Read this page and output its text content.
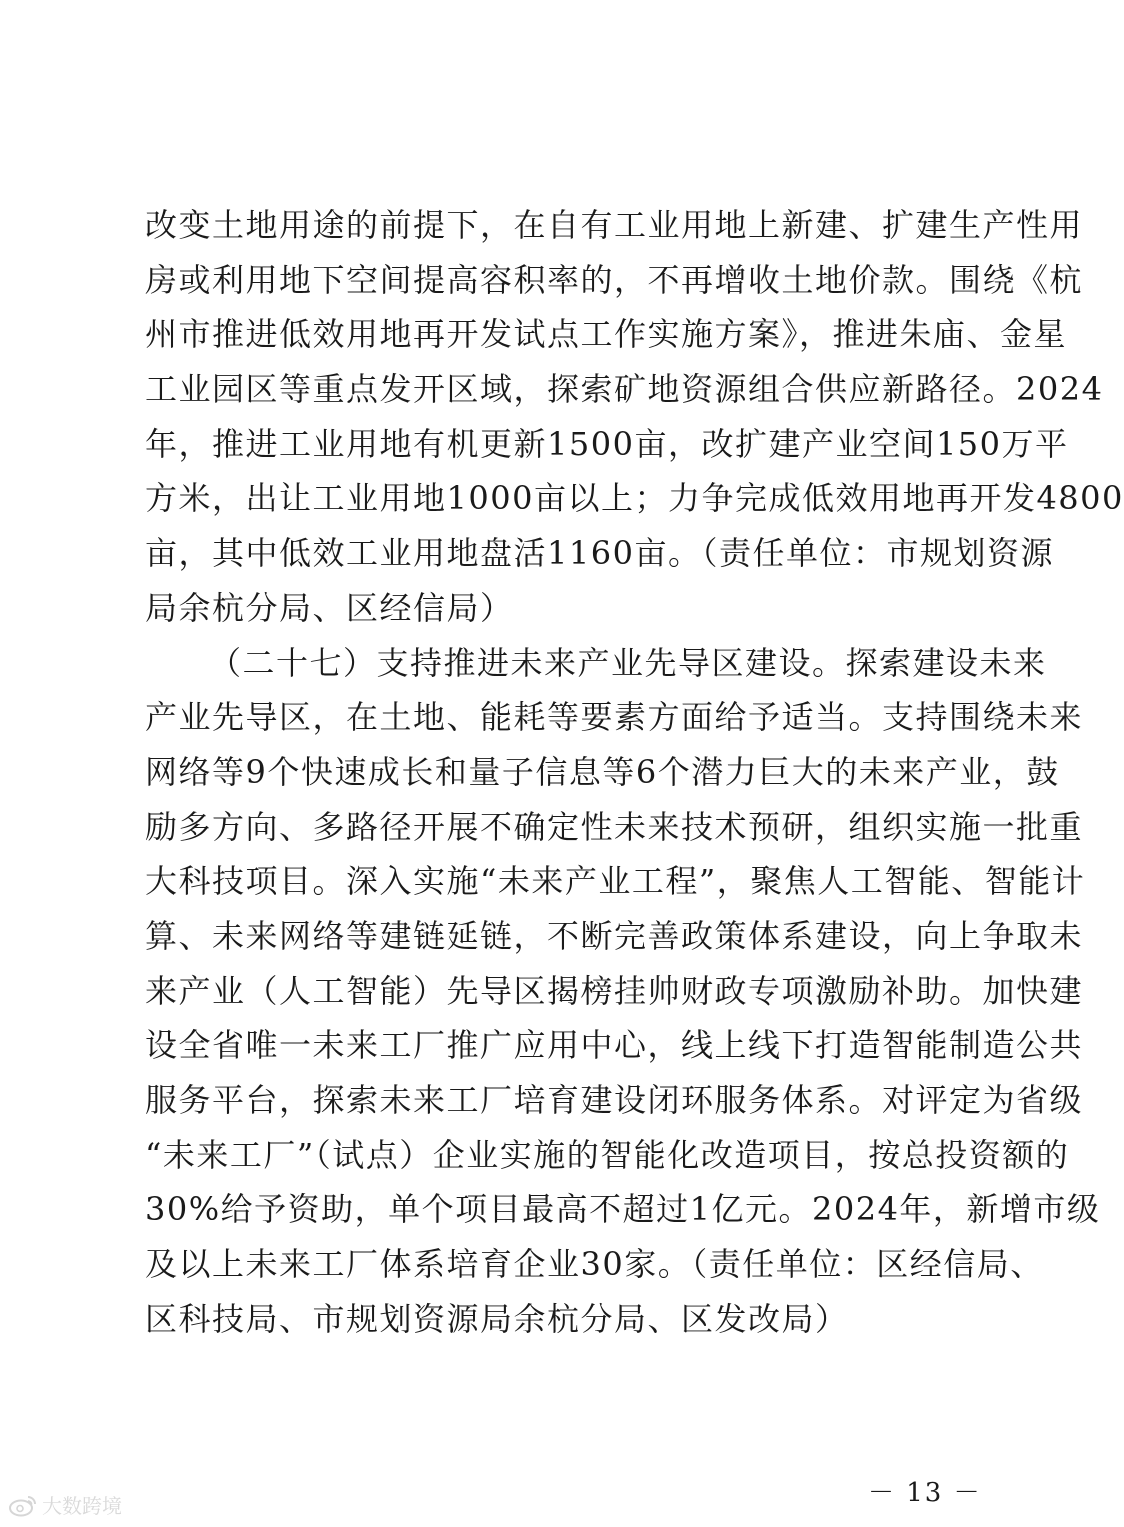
改变土地用途的前提下，在自有工业用地上新建、扩建生产性用
房或利用地下空间提高容积率的，不再增收土地价款。围绕《杭
州市推进低效用地再开发试点工作实施方案》，推进朱庙、金星
工业园区等重点发开区域，探索矿地资源组合供应新路径。2024
年，推进工业用地有机更新1500亩，改扩建产业空间150万平
方米，出让工业用地1000亩以上；力争完成低效用地再开发4800
亩，其中低效工业用地盘活1160亩。（责任单位：市规划资源
局余杭分局、区经信局）
（二十七）支持推进未来产业先导区建设。探索建设未来
产业先导区，在土地、能耗等要素方面给予适当。支持围绕未来
网络等9个快速成长和量子信息等6个潜力巨大的未来产业，鼓
励多方向、多路径开展不确定性未来技术预研，组织实施一批重
大科技项目。深入实施“未来产业工程”，聚焦人工智能、智能计
算、未来网络等建链延链，不断完善政策体系建设，向上争取未
来产业（人工智能）先导区揭榜挂帅财政专项激励补助。加快建
设全省唯一未来工厂推广应用中心，线上线下打造智能制造公共
服务平台，探索未来工厂培育建设闭环服务体系。对评定为省级
“未来工厂”（试点）企业实施的智能化改造项目，按总投资额的
30%给予资助，单个项目最高不超过1亿元。2024年，新增市级
及以上未来工厂体系培育企业30家。（责任单位：区经信局、
区科技局、市规划资源局余杭分局、区发改局）
－ 13 －
大数跨境
